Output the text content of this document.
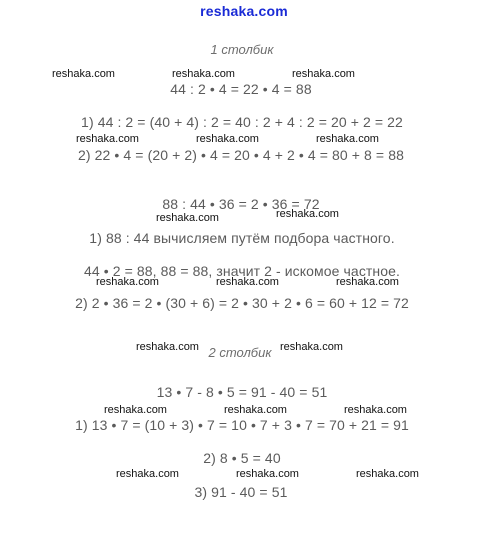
reshaka.com
1 столбик
reshaka.com	reshaka.com	reshaka.com
44 : 2 • 4 = 22 • 4 = 88
1) 44 : 2 = (40 + 4) : 2 = 40 : 2 + 4 : 2 = 20 + 2 = 22
reshaka.com	reshaka.com	reshaka.com
2) 22 • 4 = (20 + 2) • 4 = 20 • 4 + 2 • 4 = 80 + 8 = 88
88 : 44 • 36 = 2 • 36 = 72
reshaka.com	reshaka.com
1) 88 : 44 вычисляем путём подбора частного.
44 • 2 = 88, 88 = 88, значит 2 - искомое частное.
reshaka.com	reshaka.com	reshaka.com
2) 2 • 36 = 2 • (30 + 6) = 2 • 30 + 2 • 6 = 60 + 12 = 72
reshaka.com 2 столбик reshaka.com
13 • 7 - 8 • 5 = 91 - 40 = 51
reshaka.com	reshaka.com	reshaka.com
1) 13 • 7 = (10 + 3) • 7 = 10 • 7 + 3 • 7 = 70 + 21 = 91
2) 8 • 5 = 40
reshaka.com	reshaka.com	reshaka.com
3) 91 - 40 = 51
